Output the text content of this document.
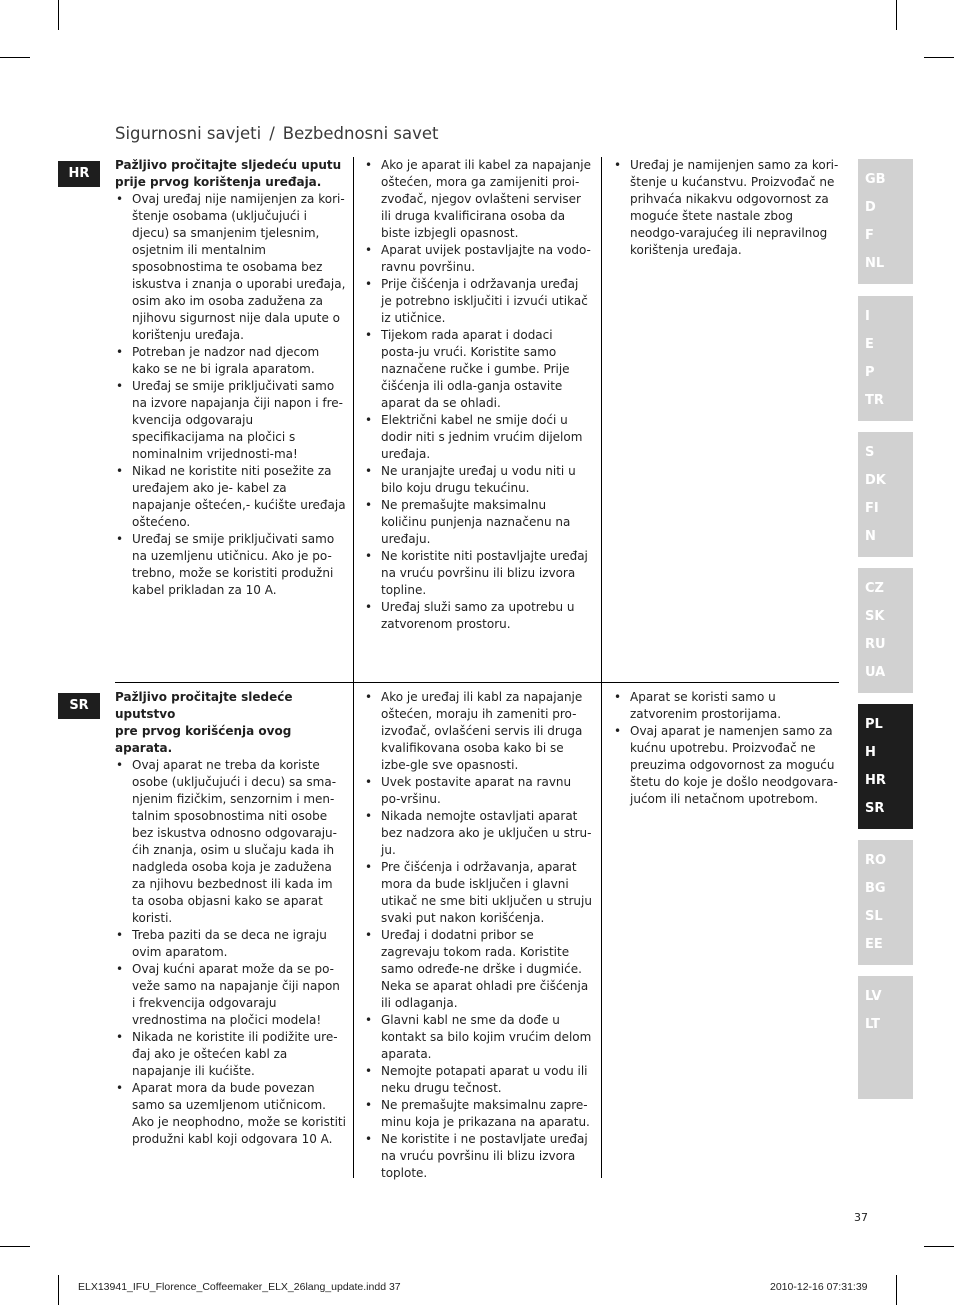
Sigurnosni savjeti / Bezbednosni savet
HR
Pažljivo pročitajte sljedeću uputu
prije prvog korištenja uređaja.
• Ovaj uređaj nije namijenjen za kori-štenje osobama (uključujući i djecu) sa smanjenim tjelesnim, osjetnim ili mentalnim sposobnostima te osobama bez iskustva i znanja o uporabi uređaja, osim ako im osoba zadužena za njihovu sigurnost nije dala upute o korištenju uređaja.
• Potreban je nadzor nad djecom kako se ne bi igrala aparatom.
• Uređaj se smije priključivati samo na izvore napajanja čiji napon i fre-kvencija odgovaraju specifikacijama na pločici s nominalnim vrijednosti-ma!
• Nikad ne koristite niti posežite za uređajem ako je- kabel za napajanje oštećen,- kućište uređaja oštećeno.
• Uređaj se smije priključivati samo na uzemljenu utičnicu. Ako je po-trebno, može se koristiti produžni kabel prikladan za 10 A.
• Ako je aparat ili kabel za napajanje oštećen, mora ga zamijeniti proi-zvođač, njegov ovlašteni serviser ili druga kvalificirana osoba da biste izbjegli opasnost.
• Aparat uvijek postavljajte na vodo-ravnu površinu.
• Prije čišćenja i održavanja uređaj je potrebno isključiti i izvući utikač iz utičnice.
• Tijekom rada aparat i dodaci posta-ju vrući. Koristite samo naznačene ručke i gumbe. Prije čišćenja ili odla-ganja ostavite aparat da se ohladi.
• Električni kabel ne smije doći u dodir niti s jednim vrućim dijelom uređaja.
• Ne uranjajte uređaj u vodu niti u bilo koju drugu tekućinu.
• Ne premašujte maksimalnu količinu punjenja naznačenu na uređaju.
• Ne koristite niti postavljajte uređaj na vruću površinu ili blizu izvora topline.
• Uređaj služi samo za upotrebu u zatvorenom prostoru.
• Uređaj je namijenjen samo za kori-štenje u kućanstvu. Proizvođač ne prihvaća nikakvu odgovornost za moguće štete nastale zbog neodgo-varajućeg ili nepravilnog korištenja uređaja.
SR
Pažljivo pročitajte sledeće uputstvo
pre prvog korišćenja ovog aparata.
• Ovaj aparat ne treba da koriste osobe (uključujući i decu) sa sma-njenim fizičkim, senzornim i men-talnim sposobnostima niti osobe bez iskustva odnosno odgovaraju-ćih znanja, osim u slučaju kada ih nadgleda osoba koja je zadužena za njihovu bezbednost ili kada im ta osoba objasni kako se aparat koristi.
• Treba paziti da se deca ne igraju ovim aparatom.
• Ovaj kućni aparat može da se po-veže samo na napajanje čiji napon i frekvencija odgovaraju vrednostima na pločici modela!
• Nikada ne koristite ili podižite ure-đaj ako je oštećen kabl za napajanje ili kućište.
• Aparat mora da bude povezan samo sa uzemljenom utičnicom. Ako je neophodno, može se koristiti produžni kabl koji odgovara 10 A.
• Ako je uređaj ili kabl za napajanje oštećen, moraju ih zameniti pro-izvođač, ovlašćeni servis ili druga kvalifikovana osoba kako bi se izbe-gle sve opasnosti.
• Uvek postavite aparat na ravnu po-vršinu.
• Nikada nemojte ostavljati aparat bez nadzora ako je uključen u stru-ju.
• Pre čišćenja i održavanja, aparat mora da bude isključen i glavni utikač ne sme biti uključen u struju svaki put nakon korišćenja.
• Uređaj i dodatni pribor se zagrevaju tokom rada. Koristite samo određe-ne drške i dugmiće. Neka se aparat ohladi pre čišćenja ili odlaganja.
• Glavni kabl ne sme da dođe u kontakt sa bilo kojim vrućim delom aparata.
• Nemojte potapati aparat u vodu ili neku drugu tečnost.
• Ne premašujte maksimalnu zapre-minu koja je prikazana na aparatu.
• Ne koristite i ne postavljate uređaj na vruću površinu ili blizu izvora toplote.
• Aparat se koristi samo u zatvorenim prostorijama.
• Ovaj aparat je namenjen samo za kućnu upotrebu. Proizvođač ne preuzima odgovornost za moguću štetu do koje je došlo neodgovara-jućom ili netačnom upotrebom.
GB
D
F
NL
I
E
P
TR
S
DK
FI
N
CZ
SK
RU
UA
PL
H
HR
SR
RO
BG
SL
EE
LV
LT
37
ELX13941_IFU_Florence_Coffeemaker_ELX_26lang_update.indd 37	2010-12-16 07:31:39
